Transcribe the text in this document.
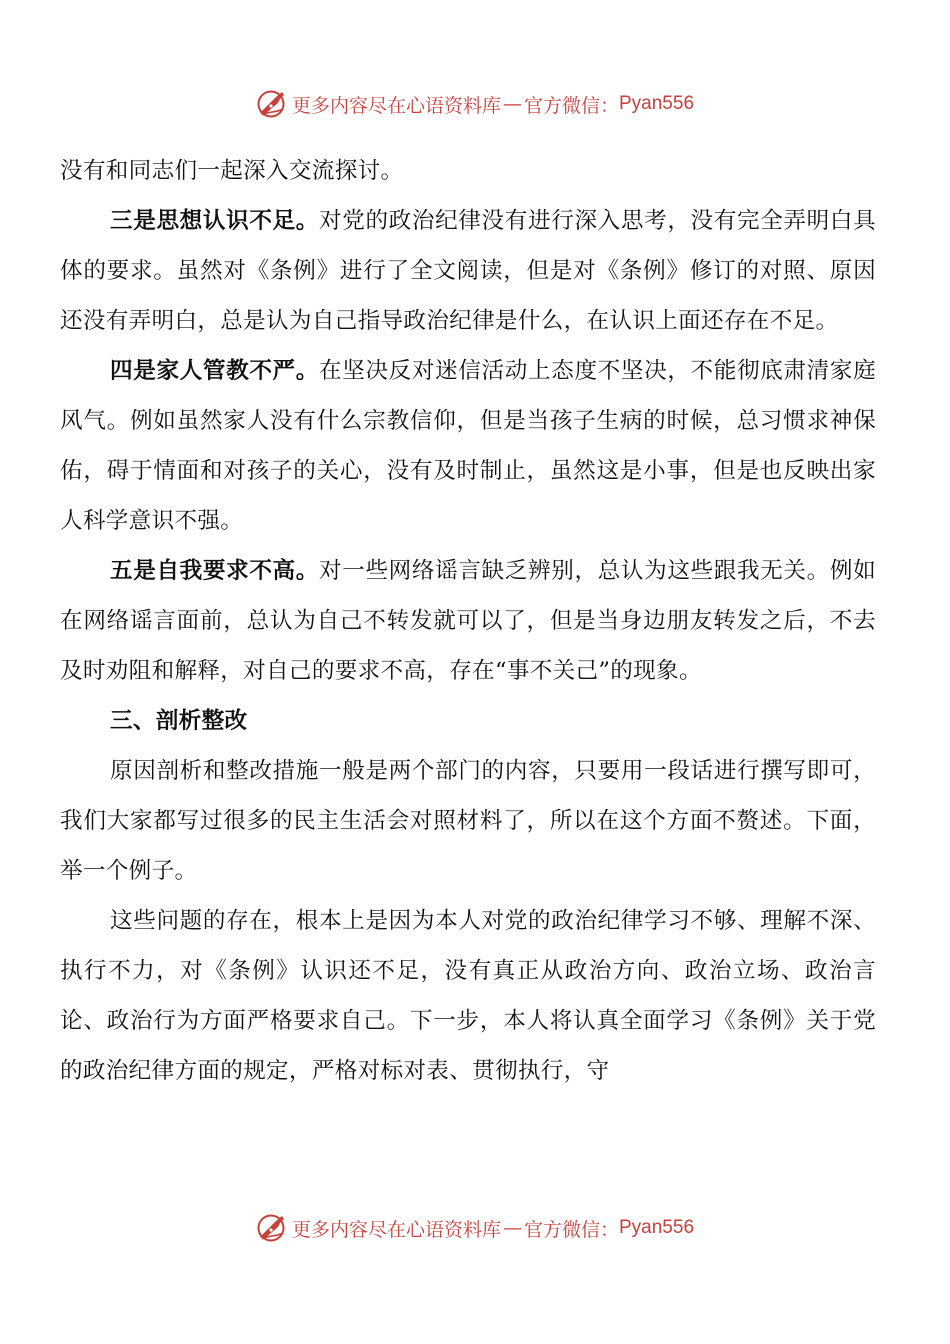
更多内容尽在心语资料库 — 官方微信： Pyan556

没有和同志们一起深入交流探讨。

三是思想认识不足。对党的政治纪律没有进行深入思考，没有完全弄明白具体的要求。虽然对《条例》进行了全文阅读，但是对《条例》修订的对照、原因还没有弄明白，总是认为自己指导政治纪律是什么，在认识上面还存在不足。

四是家人管教不严。在坚决反对迷信活动上态度不坚决，不能彻底肃清家庭风气。例如虽然家人没有什么宗教信仰，但是当孩子生病的时候，总习惯求神保佑，碍于情面和对孩子的关心，没有及时制止，虽然这是小事，但是也反映出家人科学意识不强。

五是自我要求不高。对一些网络谣言缺乏辨别，总认为这些跟我无关。例如在网络谣言面前，总认为自己不转发就可以了，但是当身边朋友转发之后，不去及时劝阻和解释，对自己的要求不高，存在“事不关己”的现象。

三、剖析整改

原因剖析和整改措施一般是两个部门的内容，只要用一段话进行撰写即可，我们大家都写过很多的民主生活会对照材料了，所以在这个方面不赘述。下面，举一个例子。

这些问题的存在，根本上是因为本人对党的政治纪律学习不够、理解不深、执行不力，对《条例》认识还不足，没有真正从政治方向、政治立场、政治言论、政治行为方面严格要求自己。下一步，本人将认真全面学习《条例》关于党的政治纪律方面的规定，严格对标对表、贯彻执行，守

更多内容尽在心语资料库 — 官方微信： Pyan556
